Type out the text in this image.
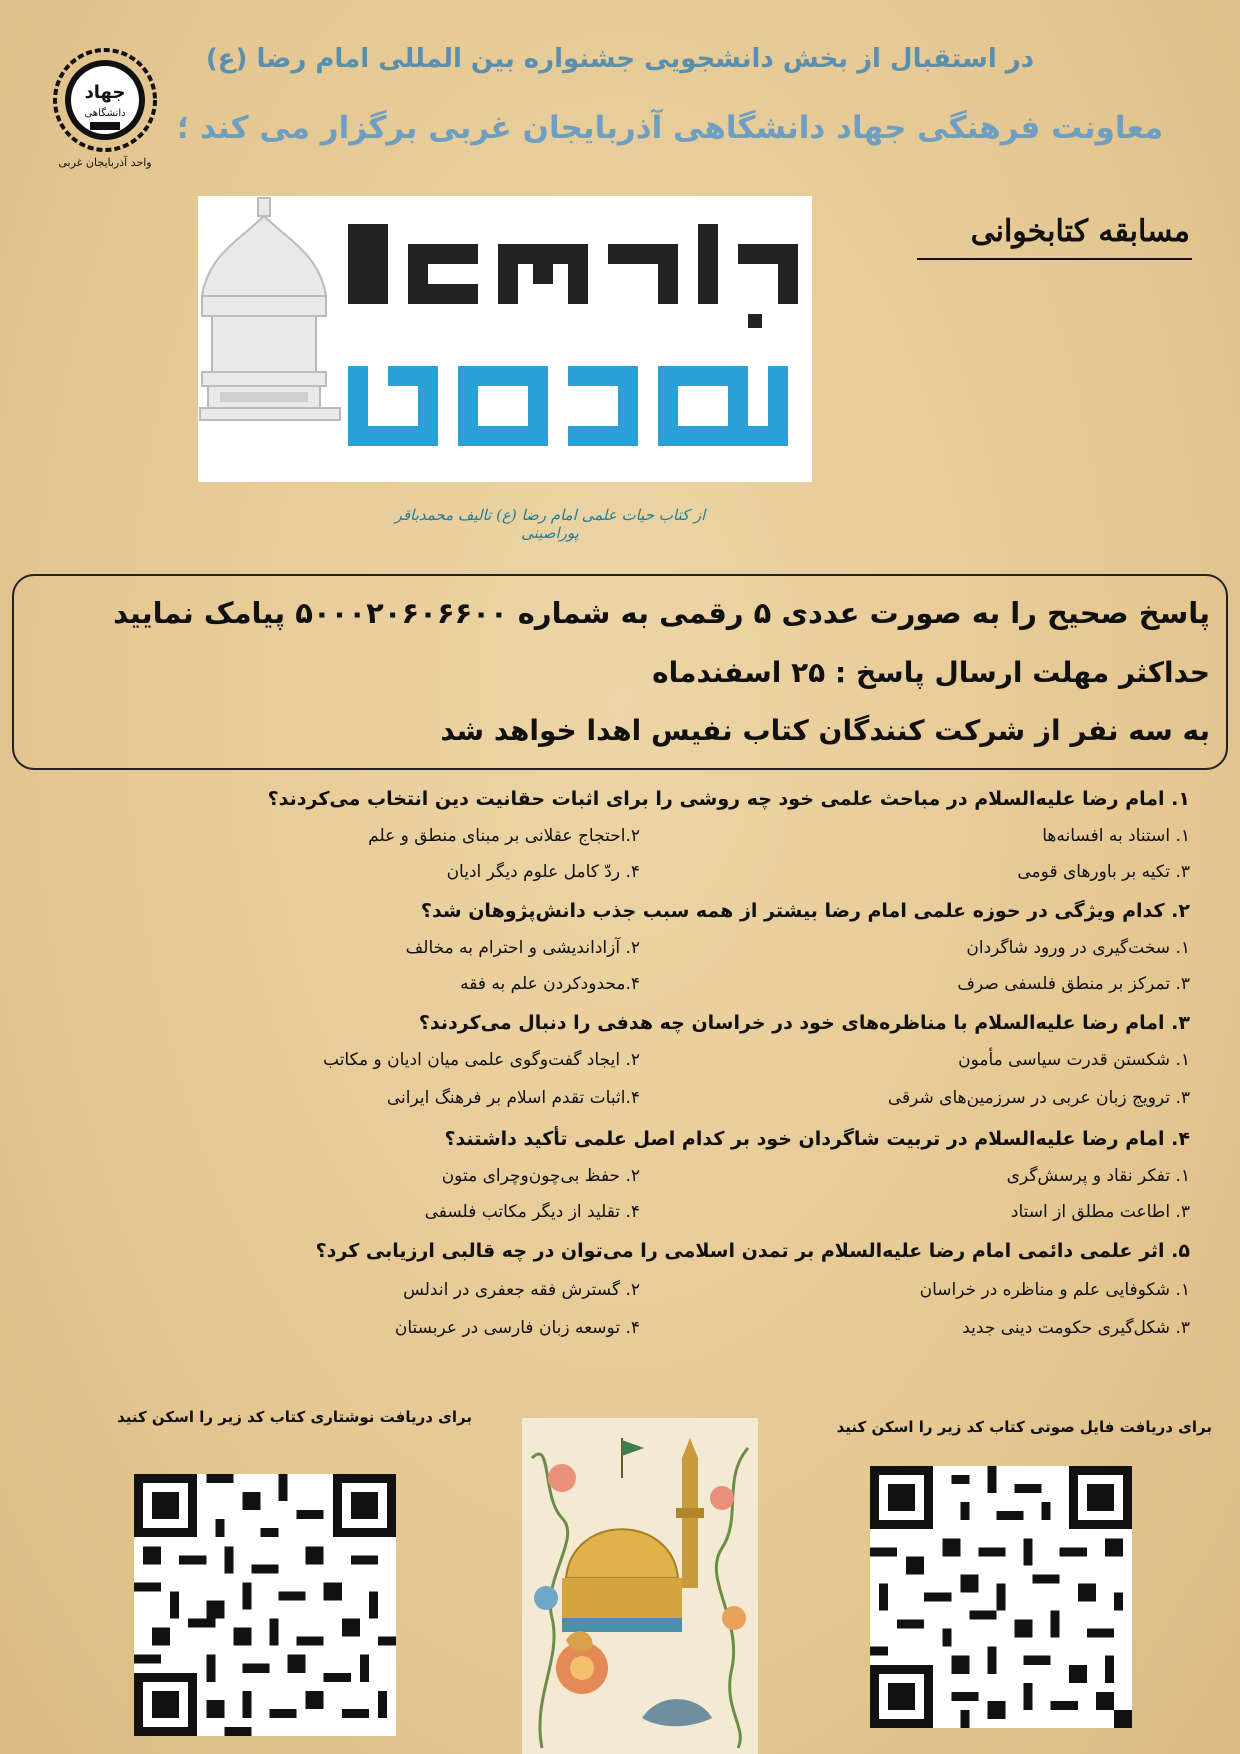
جهاد
دانشگاهی
واحد آذربایجان غربی
در استقبال از بخش دانشجویی جشنواره بین المللی امام رضا (ع)
معاونت فرهنگی جهاد دانشگاهی آذربایجان غربی برگزار می کند ؛
مسابقه کتابخوانی
از کتاب حیات علمی امام رضا (ع) تالیف محمدباقر پوراصینی
پاسخ صحیح را به صورت عددی ۵ رقمی به شماره ۵۰۰۰۲۰۶۰۶۶۰۰ پیامک نمایید
حداکثر مهلت ارسال پاسخ : ۲۵ اسفندماه
به سه نفر از شرکت کنندگان کتاب نفیس اهدا خواهد شد
۱. امام رضا علیه‌السلام در مباحث علمی خود چه روشی را برای اثبات حقانیت دین انتخاب می‌کردند؟
۱. استناد به افسانه‌ها
۲.احتجاج عقلانی بر مبنای منطق و علم
۳. تکیه بر باورهای قومی
۴. ردّ کامل علوم دیگر ادیان
۲. کدام ویژگی در حوزه علمی امام رضا بیشتر از همه سبب جذب دانش‌پژوهان شد؟
۱. سخت‌گیری در ورود شاگردان
۲. آزاداندیشی و احترام به مخالف
۳. تمرکز بر منطق فلسفی صرف
۴.محدودکردن علم به فقه
۳. امام رضا علیه‌السلام با مناظره‌های خود در خراسان چه هدفی را دنبال می‌کردند؟
۱. شکستن قدرت سیاسی مأمون
۲. ایجاد گفت‌وگوی علمی میان ادیان و مکاتب
۳. ترویج زبان عربی در سرزمین‌های شرقی
۴.اثبات تقدم اسلام بر فرهنگ ایرانی
۴. امام رضا علیه‌السلام در تربیت شاگردان خود بر کدام اصل علمی تأکید داشتند؟
۱. تفکر نقاد و پرسش‌گری
۲. حفظ بی‌چون‌وچرای متون
۳. اطاعت مطلق از استاد
۴. تقلید از دیگر مکاتب فلسفی
۵. اثر علمی دائمی امام رضا علیه‌السلام بر تمدن اسلامی را می‌توان در چه قالبی ارزیابی کرد؟
۱. شکوفایی علم و مناظره در خراسان
۲. گسترش فقه جعفری در اندلس
۳. شکل‌گیری حکومت دینی جدید
۴. توسعه زبان فارسی در عربستان
برای دریافت فایل صوتی کتاب کد زیر را اسکن کنید
برای دریافت نوشتاری کتاب کد زیر را اسکن کنید
